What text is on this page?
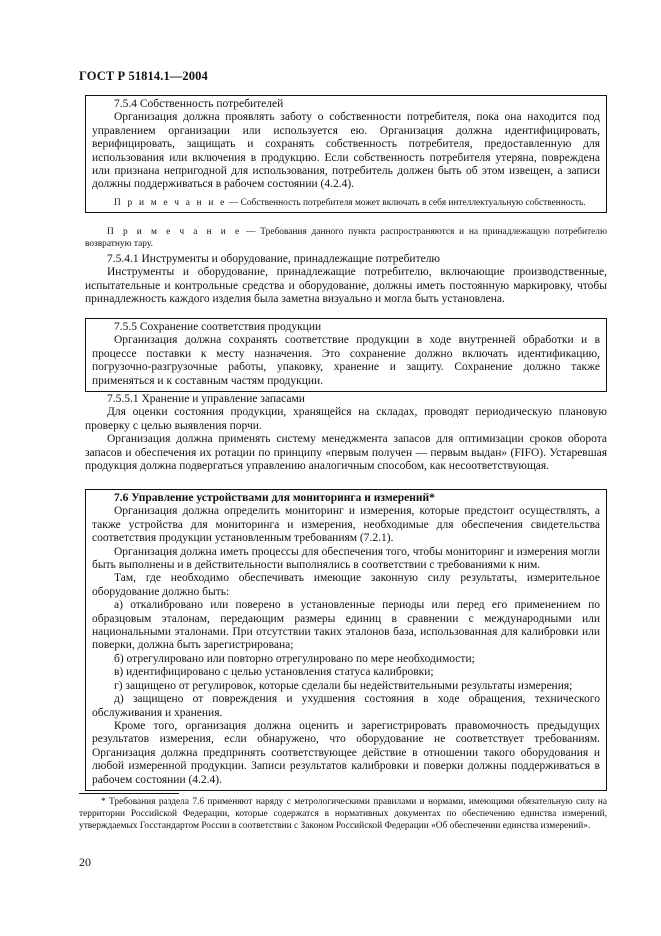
ГОСТ Р 51814.1—2004

7.5.4 Собственность потребителей

Организация должна проявлять заботу о собственности потребителя, пока она находится под управлением организации или используется ею. Организация должна идентифицировать, верифицировать, защищать и сохранять собственность потребителя, предоставленную для использования или включения в продукцию. Если собственность потребителя утеряна, повреждена или признана непригодной для использования, потребитель должен быть об этом извещен, а записи должны поддерживаться в рабочем состоянии (4.2.4).

П р и м е ч а н и е — Собственность потребителя может включать в себя интеллектуальную собственность.

П р и м е ч а н и е — Требования данного пункта распространяются и на принадлежащую потребителю возвратную тару.

7.5.4.1 Инструменты и оборудование, принадлежащие потребителю

Инструменты и оборудование, принадлежащие потребителю, включающие производственные, испытательные и контрольные средства и оборудование, должны иметь постоянную маркировку, чтобы принадлежность каждого изделия была заметна визуально и могла быть установлена.

7.5.5 Сохранение соответствия продукции

Организация должна сохранять соответствие продукции в ходе внутренней обработки и в процессе поставки к месту назначения. Это сохранение должно включать идентификацию, погрузочно-разгрузочные работы, упаковку, хранение и защиту. Сохранение должно также применяться и к составным частям продукции.

7.5.5.1 Хранение и управление запасами

Для оценки состояния продукции, хранящейся на складах, проводят периодическую плановую проверку с целью выявления порчи.

Организация должна применять систему менеджмента запасов для оптимизации сроков оборота запасов и обеспечения их ротации по принципу «первым получен — первым выдан» (FIFO). Устаревшая продукция должна подвергаться управлению аналогичным способом, как несоответствующая.

7.6 Управление устройствами для мониторинга и измерений*

Организация должна определить мониторинг и измерения, которые предстоит осуществлять, а также устройства для мониторинга и измерения, необходимые для обеспечения свидетельства соответствия продукции установленным требованиям (7.2.1).

Организация должна иметь процессы для обеспечения того, чтобы мониторинг и измерения могли быть выполнены и в действительности выполнялись в соответствии с требованиями к ним.

Там, где необходимо обеспечивать имеющие законную силу результаты, измерительное оборудование должно быть:

а) откалибровано или поверено в установленные периоды или перед его применением по образцовым эталонам, передающим размеры единиц в сравнении с международными или национальными эталонами. При отсутствии таких эталонов база, использованная для калибровки или поверки, должна быть зарегистрирована;

б) отрегулировано или повторно отрегулировано по мере необходимости;

в) идентифицировано с целью установления статуса калибровки;

г) защищено от регулировок, которые сделали бы недействительными результаты измерения;

д) защищено от повреждения и ухудшения состояния в ходе обращения, технического обслуживания и хранения.

Кроме того, организация должна оценить и зарегистрировать правомочность предыдущих результатов измерения, если обнаружено, что оборудование не соответствует требованиям. Организация должна предпринять соответствующее действие в отношении такого оборудования и любой измеренной продукции. Записи результатов калибровки и поверки должны поддерживаться в рабочем состоянии (4.2.4).

* Требования раздела 7.6 применяют наряду с метрологическими правилами и нормами, имеющими обязательную силу на территории Российской Федерации, которые содержатся в нормативных документах по обеспечению единства измерений, утверждаемых Госстандартом России в соответствии с Законом Российской Федерации «Об обеспечении единства измерений».

20
